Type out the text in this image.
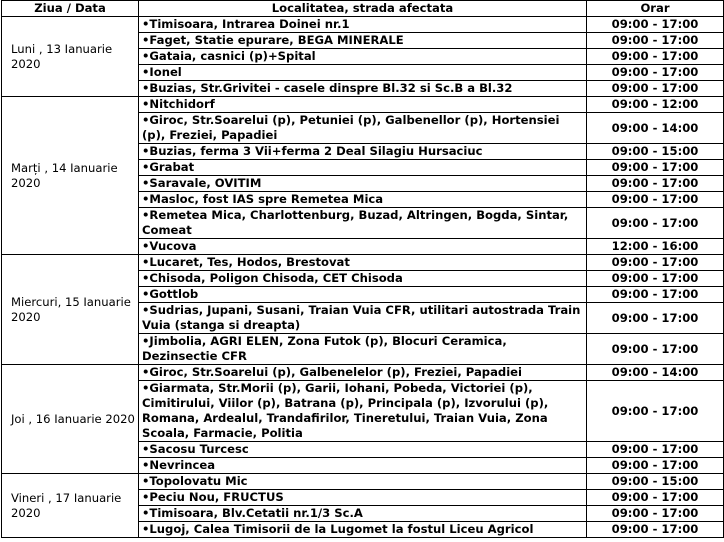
Ziua / Data	Localitatea, strada afectata	Orar
Luni , 13 Ianuarie 2020	•Timisoara, Intrarea Doinei nr.1	09:00 - 17:00
	•Faget, Statie epurare, BEGA MINERALE	09:00 - 17:00
	•Gataia, casnici (p)+Spital	09:00 - 17:00
	•Ionel	09:00 - 17:00
	•Buzias, Str.Grivitei - casele dinspre Bl.32 si Sc.B a Bl.32	09:00 - 17:00
Marți , 14 Ianuarie 2020	•Nitchidorf	09:00 - 12:00
	•Giroc, Str.Soarelui (p), Petuniei (p), Galbenellor (p), Hortensiei (p), Freziei, Papadiei	09:00 - 14:00
	•Buzias, ferma 3 Vii+ferma 2 Deal Silagiu Hursaciuc	09:00 - 15:00
	•Grabat	09:00 - 17:00
	•Saravale, OVITIM	09:00 - 17:00
	•Masloc, fost IAS spre Remetea Mica	09:00 - 17:00
	•Remetea Mica, Charlottenburg, Buzad, Altringen, Bogda, Sintar, Comeat	09:00 - 17:00
	•Vucova	12:00 - 16:00
Miercuri, 15 Ianuarie 2020	•Lucaret, Tes, Hodos, Brestovat	09:00 - 17:00
	•Chisoda, Poligon Chisoda, CET Chisoda	09:00 - 17:00
	•Gottlob	09:00 - 17:00
	•Sudrias, Jupani, Susani, Traian Vuia CFR, utilitari autostrada Train Vuia (stanga si dreapta)	09:00 - 17:00
	•Jimbolia, AGRI ELEN, Zona Futok (p), Blocuri Ceramica, Dezinsectie CFR	09:00 - 17:00
Joi , 16 Ianuarie 2020	•Giroc, Str.Soarelui (p), Galbenelelor (p), Freziei, Papadiei	09:00 - 14:00
	•Giarmata, Str.Morii (p), Garii, Iohani, Pobeda, Victoriei (p), Cimitirului, Viilor (p), Batrana (p), Principala (p), Izvorului (p), Romana, Ardealul, Trandafirilor, Tineretului, Traian Vuia, Zona Scoala, Farmacie, Politia	09:00 - 17:00
	•Sacosu Turcesc	09:00 - 17:00
	•Nevrincea	09:00 - 17:00
Vineri , 17 Ianuarie 2020	•Topolovatu Mic	09:00 - 15:00
	•Peciu Nou, FRUCTUS	09:00 - 17:00
	•Timisoara, Blv.Cetatii nr.1/3 Sc.A	09:00 - 17:00
	•Lugoj, Calea Timisorii de la Lugomet la fostul Liceu Agricol	09:00 - 17:00
